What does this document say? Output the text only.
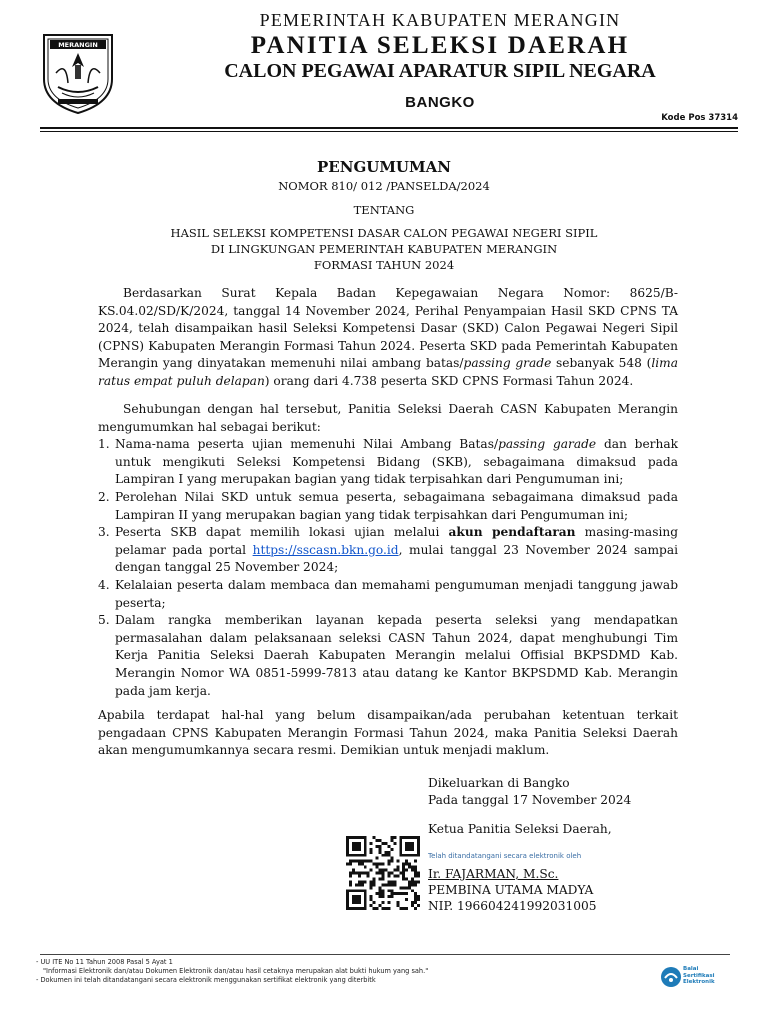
MERANGIN
PEMERINTAH KABUPATEN MERANGIN
PANITIA SELEKSI DAERAH
CALON PEGAWAI APARATUR SIPIL NEGARA
BANGKO
Kode Pos 37314
PENGUMUMAN
NOMOR 810/ 012 /PANSELDA/2024
TENTANG
HASIL SELEKSI KOMPETENSI DASAR CALON PEGAWAI NEGERI SIPIL
DI LINGKUNGAN PEMERINTAH KABUPATEN MERANGIN
FORMASI TAHUN 2024

Berdasarkan Surat Kepala Badan Kepegawaian Negara Nomor: 8625/B-KS.04.02/SD/K/2024, tanggal 14 November 2024, Perihal Penyampaian Hasil SKD CPNS TA 2024, telah disampaikan hasil Seleksi Kompetensi Dasar (SKD) Calon Pegawai Negeri Sipil (CPNS) Kabupaten Merangin Formasi Tahun 2024. Peserta SKD pada Pemerintah Kabupaten Merangin yang dinyatakan memenuhi nilai ambang batas/passing grade sebanyak 548 (lima ratus empat puluh delapan) orang dari 4.738 peserta SKD CPNS Formasi Tahun 2024.

Sehubungan dengan hal tersebut, Panitia Seleksi Daerah CASN Kabupaten Merangin mengumumkan hal sebagai berikut:

1. Nama-nama peserta ujian memenuhi Nilai Ambang Batas/passing garade dan berhak untuk mengikuti Seleksi Kompetensi Bidang (SKB), sebagaimana dimaksud pada Lampiran I yang merupakan bagian yang tidak terpisahkan dari Pengumuman ini;
2. Perolehan Nilai SKD untuk semua peserta, sebagaimana sebagaimana dimaksud pada Lampiran II yang merupakan bagian yang tidak terpisahkan dari Pengumuman ini;
3. Peserta SKB dapat memilih lokasi ujian melalui akun pendaftaran masing-masing pelamar pada portal https://sscasn.bkn.go.id, mulai tanggal 23 November 2024 sampai dengan tanggal 25 November 2024;
4. Kelalaian peserta dalam membaca dan memahami pengumuman menjadi tanggung jawab peserta;
5. Dalam rangka memberikan layanan kepada peserta seleksi yang mendapatkan permasalahan dalam pelaksanaan seleksi CASN Tahun 2024, dapat menghubungi Tim Kerja Panitia Seleksi Daerah Kabupaten Merangin melalui Offisial BKPSDMD Kab. Merangin Nomor WA 0851-5999-7813 atau datang ke Kantor BKPSDMD Kab. Merangin pada jam kerja.

Apabila terdapat hal-hal yang belum disampaikan/ada perubahan ketentuan terkait pengadaan CPNS Kabupaten Merangin Formasi Tahun 2024, maka Panitia Seleksi Daerah akan mengumumkannya secara resmi. Demikian untuk menjadi maklum.

Dikeluarkan di Bangko
Pada tanggal 17 November 2024
Ketua Panitia Seleksi Daerah,
Telah ditandatangani secara elektronik oleh
Ir. FAJARMAN, M.Sc.
PEMBINA UTAMA MADYA
NIP. 196604241992031005
- UU ITE No 11 Tahun 2008 Pasal 5 Ayat 1
"Informasi Elektronik dan/atau Dokumen Elektronik dan/atau hasil cetaknya merupakan alat bukti hukum yang sah."
- Dokumen ini telah ditandatangani secara elektronik menggunakan sertifikat elektronik yang diterbitk
Balai
Sertifikasi
Elektronik
